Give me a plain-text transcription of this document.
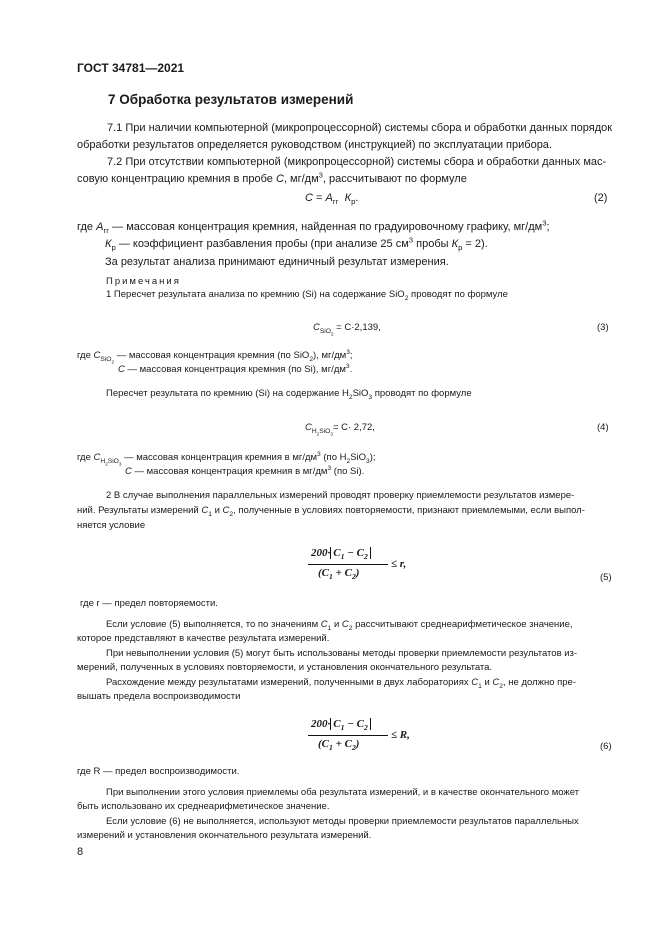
ГОСТ 34781—2021
7 Обработка результатов измерений
7.1 При наличии компьютерной (микропроцессорной) системы сбора и обработки данных порядок
обработки результатов определяется руководством (инструкцией) по эксплуатации прибора.
7.2 При отсутствии компьютерной (микропроцессорной) системы сбора и обработки данных мас-
совую концентрацию кремния в пробе С, $мг/дм^3$, рассчитывают по формуле
$С = А_{гг}$ $К_р$.	(2)
где $А_{гг}$ — массовая концентрация кремния, найденная по градуировочному графику, $мг/дм^3$;
$К_р$ — коэффициент разбавления пробы (при анализе 25 $см^3$ пробы $К_р = 2$).
За результат анализа принимают единичный результат измерения.
Примечания
1 Пересчет результата анализа по кремнию (Si) на содержание SiO$_2$ проводят по формуле
$С_{SiO_2} = С\cdot 2,139$,	(3)
где $С_{SiO_2}$ — массовая концентрация кремния (по SiO$_2$), $мг/дм^3$;
С — массовая концентрация кремния (по Si), $мг/дм^3$.
Пересчет результата по кремнию (Si) на содержание $H_2SiO_3$ проводят по формуле
$С_{H_2SiO_3}= С\cdot 2,72$,	(4)
где $С_{H_2SiO_3}$ — массовая концентрация кремния в $мг/дм^3$ (по $H_2SiO_3$);
С — массовая концентрация кремния в $мг/дм^3$ (по Si).
2 В случае выполнения параллельных измерений проводят проверку приемлемости результатов измере-
ний. Результаты измерений $С_1$ и $С_2$, полученные в условиях повторяемости, признают приемлемыми, если выпол-
няется условие
$200\cdot С_1 - С_2$
$(С_1 + С_2)$
≤ r,
(5)
где r — предел повторяемости.
Если условие (5) выполняется, то по значениям $С_1$ и $С_2$ рассчитывают среднеарифметическое значение,
которое представляют в качестве результата измерений.
При невыполнении условия (5) могут быть использованы методы проверки приемлемости результатов из-
мерений, полученных в условиях повторяемости, и установления окончательного результата.
Расхождение между результатами измерений, полученными в двух лабораториях $С_1$ и $С_2$, не должно пре-
вышать предела воспроизводимости
$200\cdot С_1 - С_2$
$(С_1 + С_2)$
≤ R,
(6)
где R — предел воспроизводимости.
При выполнении этого условия приемлемы оба результата измерений, и в качестве окончательного может
быть использовано их среднеарифметическое значение.
Если условие (6) не выполняется, используют методы проверки приемлемости результатов параллельных
измерений и установления окончательного результата измерений.
8
